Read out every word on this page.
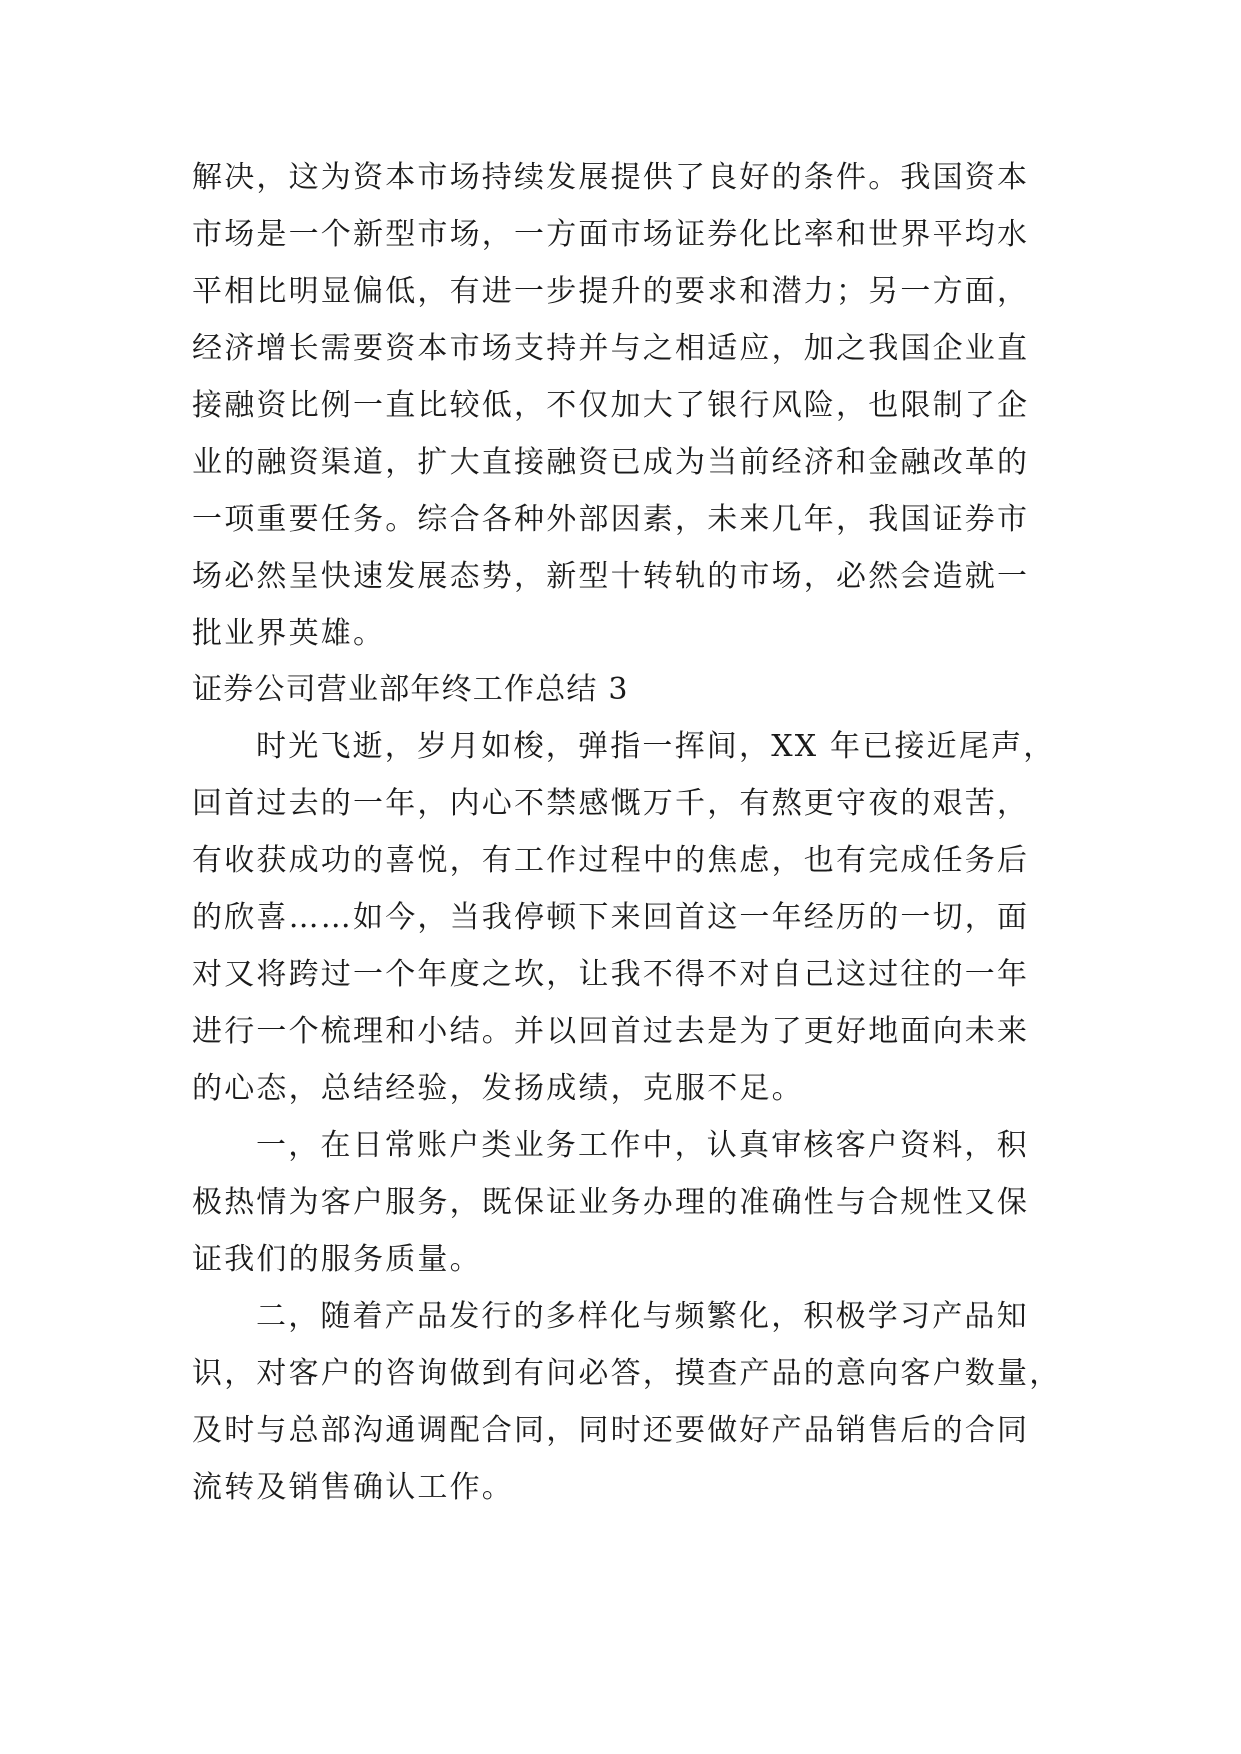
解决，这为资本市场持续发展提供了良好的条件。我国资本
市场是一个新型市场，一方面市场证券化比率和世界平均水
平相比明显偏低，有进一步提升的要求和潜力；另一方面，
经济增长需要资本市场支持并与之相适应，加之我国企业直
接融资比例一直比较低，不仅加大了银行风险，也限制了企
业的融资渠道，扩大直接融资已成为当前经济和金融改革的
一项重要任务。综合各种外部因素，未来几年，我国证券市
场必然呈快速发展态势，新型十转轨的市场，必然会造就一
批业界英雄。
证券公司营业部年终工作总结 3
时光飞逝，岁月如梭，弹指一挥间，XX 年已接近尾声，
回首过去的一年，内心不禁感慨万千，有熬更守夜的艰苦，
有收获成功的喜悦，有工作过程中的焦虑，也有完成任务后
的欣喜……如今，当我停顿下来回首这一年经历的一切，面
对又将跨过一个年度之坎，让我不得不对自己这过往的一年
进行一个梳理和小结。并以回首过去是为了更好地面向未来
的心态，总结经验，发扬成绩，克服不足。
一，在日常账户类业务工作中，认真审核客户资料，积
极热情为客户服务，既保证业务办理的准确性与合规性又保
证我们的服务质量。
二，随着产品发行的多样化与频繁化，积极学习产品知
识，对客户的咨询做到有问必答，摸查产品的意向客户数量，
及时与总部沟通调配合同，同时还要做好产品销售后的合同
流转及销售确认工作。
